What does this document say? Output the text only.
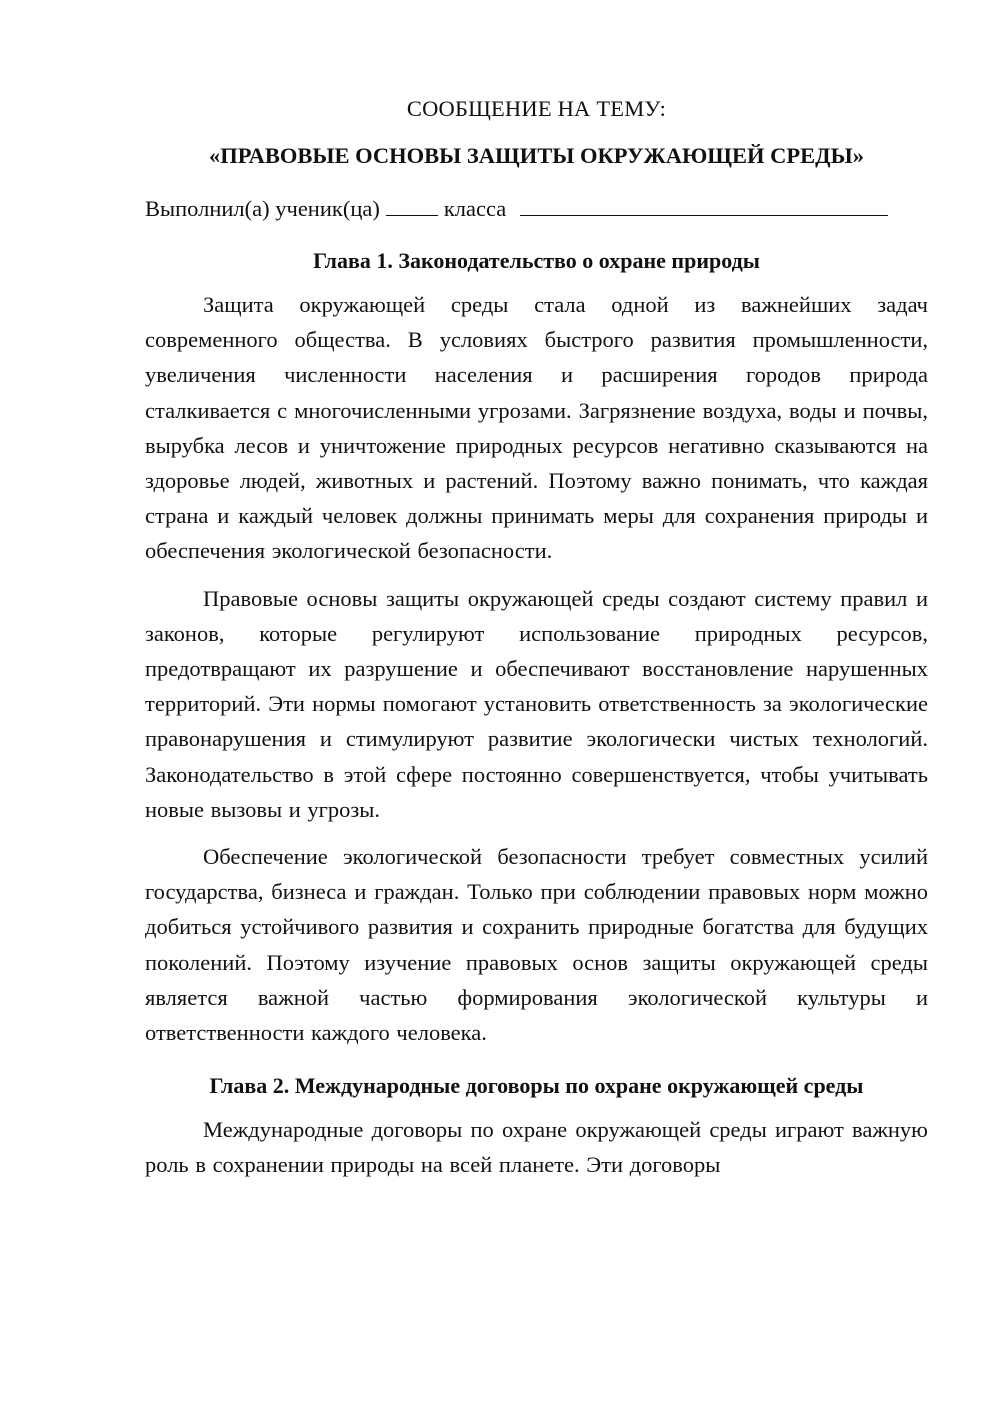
СООБЩЕНИЕ НА ТЕМУ:
«ПРАВОВЫЕ ОСНОВЫ ЗАЩИТЫ ОКРУЖАЮЩЕЙ СРЕДЫ»
Выполнил(а) ученик(ца)	класса
Глава 1. Законодательство о охране природы

Защита окружающей среды стала одной из важнейших задач современного общества. В условиях быстрого развития промышленности, увеличения численности населения и расширения городов природа сталкивается с многочисленными угрозами. Загрязнение воздуха, воды и почвы, вырубка лесов и уничтожение природных ресурсов негативно сказываются на здоровье людей, животных и растений. Поэтому важно понимать, что каждая страна и каждый человек должны принимать меры для сохранения природы и обеспечения экологической безопасности.

Правовые основы защиты окружающей среды создают систему правил и законов, которые регулируют использование природных ресурсов, предотвращают их разрушение и обеспечивают восстановление нарушенных территорий. Эти нормы помогают установить ответственность за экологические правонарушения и стимулируют развитие экологически чистых технологий. Законодательство в этой сфере постоянно совершенствуется, чтобы учитывать новые вызовы и угрозы.

Обеспечение экологической безопасности требует совместных усилий государства, бизнеса и граждан. Только при соблюдении правовых норм можно добиться устойчивого развития и сохранить природные богатства для будущих поколений. Поэтому изучение правовых основ защиты окружающей среды является важной частью формирования экологической культуры и ответственности каждого человека.

Глава 2. Международные договоры по охране окружающей среды

Международные договоры по охране окружающей среды играют важную роль в сохранении природы на всей планете. Эти договоры
